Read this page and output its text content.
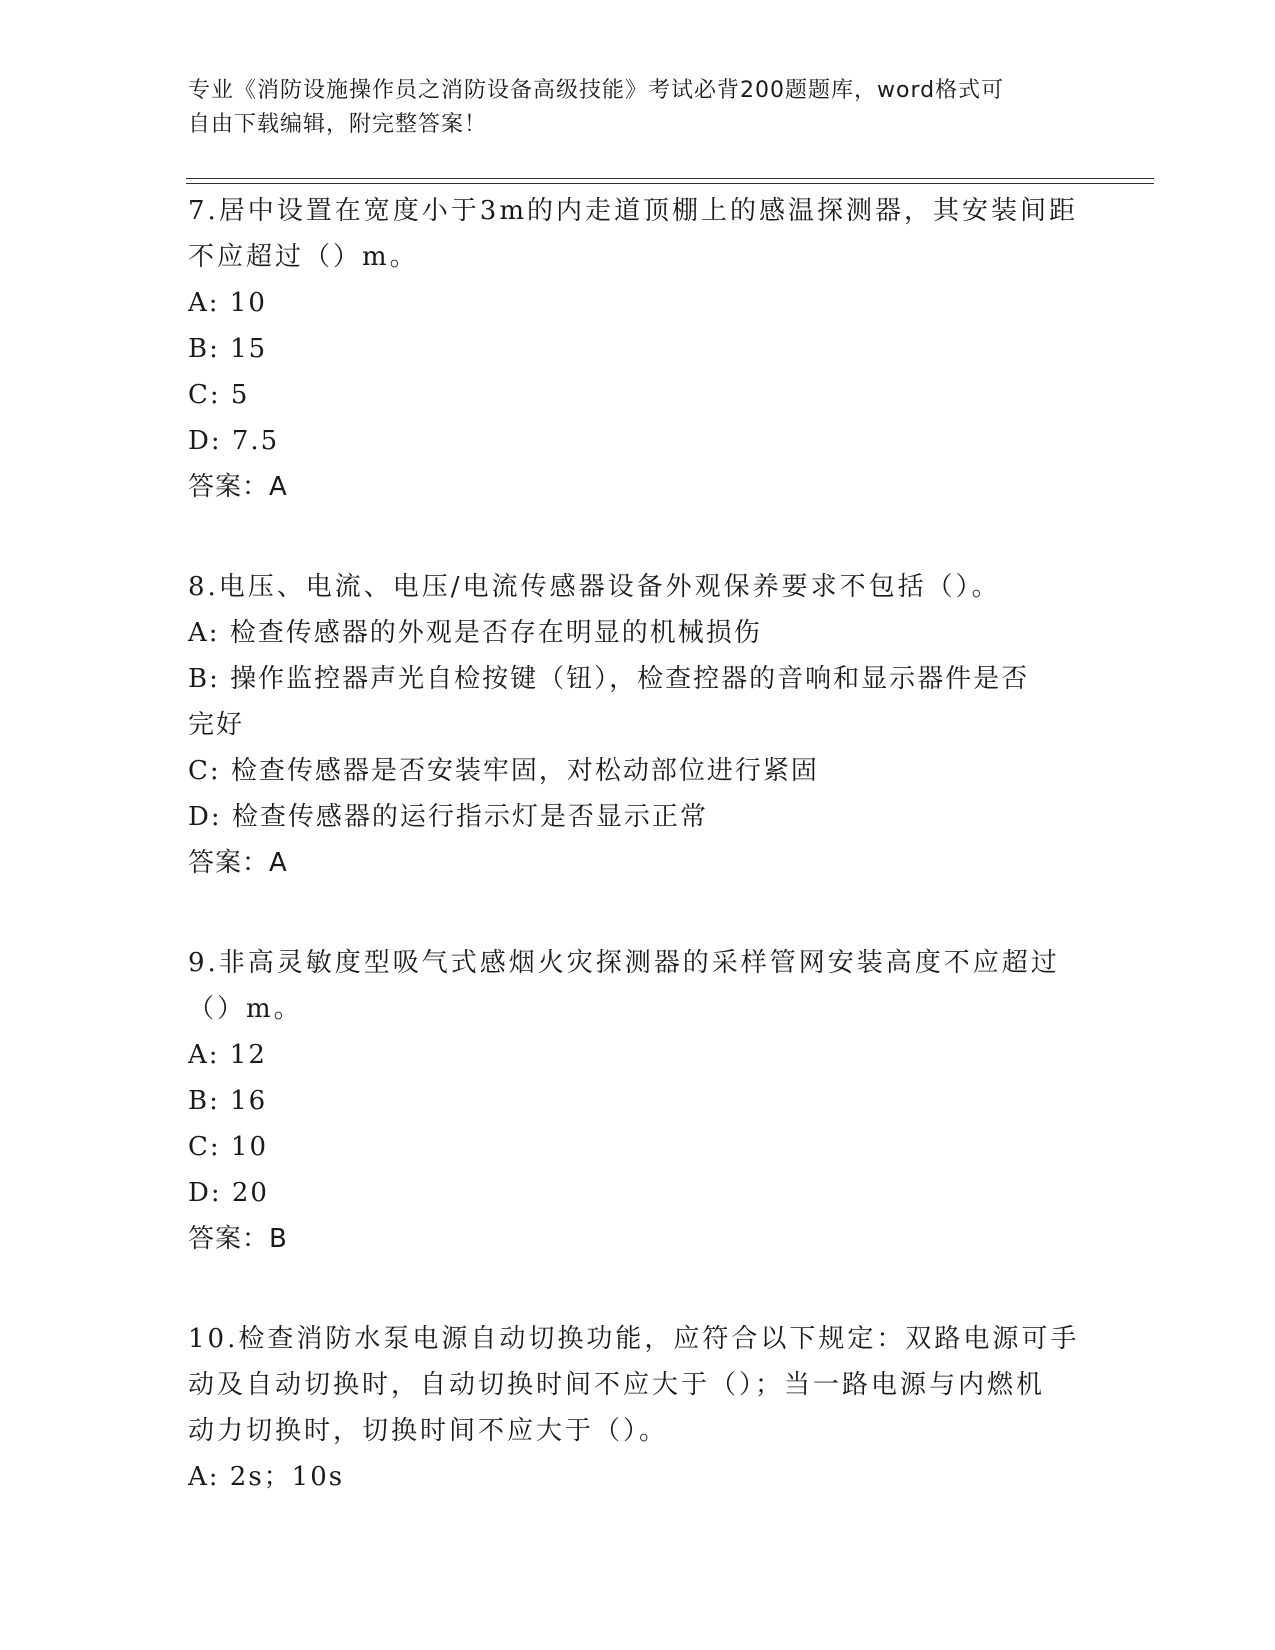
专业《消防设施操作员之消防设备高级技能》考试必背200题题库，word格式可
自由下载编辑，附完整答案！

7.居中设置在宽度小于3m的内走道顶棚上的感温探测器，其安装间距

不应超过（）m。

A: 10

B: 15

C: 5

D: 7.5

答案：A

8.电压、电流、电压/电流传感器设备外观保养要求不包括（）。

A: 检查传感器的外观是否存在明显的机械损伤

B: 操作监控器声光自检按键（钮），检查控器的音响和显示器件是否

完好

C: 检查传感器是否安装牢固，对松动部位进行紧固

D: 检查传感器的运行指示灯是否显示正常

答案：A

9.非高灵敏度型吸气式感烟火灾探测器的采样管网安装高度不应超过

（）m。

A: 12

B: 16

C: 10

D: 20

答案：B

10.检查消防水泵电源自动切换功能，应符合以下规定：双路电源可手

动及自动切换时，自动切换时间不应大于（）；当一路电源与内燃机

动力切换时，切换时间不应大于（）。

A: 2s；10s
